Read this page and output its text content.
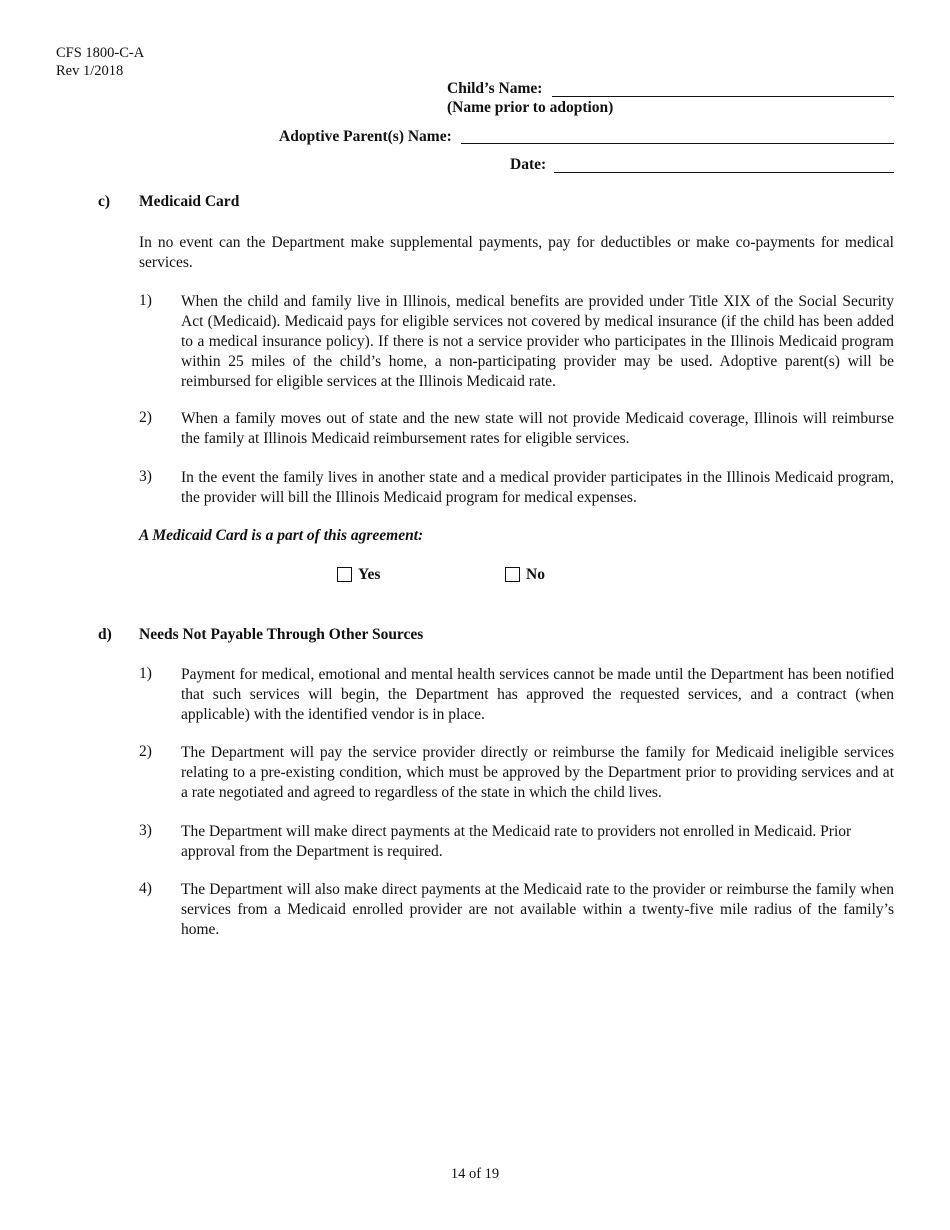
CFS 1800-C-A
Rev 1/2018
Child’s Name:
(Name prior to adoption)
Adoptive Parent(s) Name:
Date:
c) Medicaid Card
In no event can the Department make supplemental payments, pay for deductibles or make co-payments for medical services.
1) When the child and family live in Illinois, medical benefits are provided under Title XIX of the Social Security Act (Medicaid). Medicaid pays for eligible services not covered by medical insurance (if the child has been added to a medical insurance policy). If there is not a service provider who participates in the Illinois Medicaid program within 25 miles of the child’s home, a non-participating provider may be used. Adoptive parent(s) will be reimbursed for eligible services at the Illinois Medicaid rate.
2) When a family moves out of state and the new state will not provide Medicaid coverage, Illinois will reimburse the family at Illinois Medicaid reimbursement rates for eligible services.
3) In the event the family lives in another state and a medical provider participates in the Illinois Medicaid program, the provider will bill the Illinois Medicaid program for medical expenses.
A Medicaid Card is a part of this agreement:
Yes	No
d) Needs Not Payable Through Other Sources
1) Payment for medical, emotional and mental health services cannot be made until the Department has been notified that such services will begin, the Department has approved the requested services, and a contract (when applicable) with the identified vendor is in place.
2) The Department will pay the service provider directly or reimburse the family for Medicaid ineligible services relating to a pre-existing condition, which must be approved by the Department prior to providing services and at a rate negotiated and agreed to regardless of the state in which the child lives.
3) The Department will make direct payments at the Medicaid rate to providers not enrolled in Medicaid. Prior approval from the Department is required.
4) The Department will also make direct payments at the Medicaid rate to the provider or reimburse the family when services from a Medicaid enrolled provider are not available within a twenty-five mile radius of the family’s home.
14 of 19
